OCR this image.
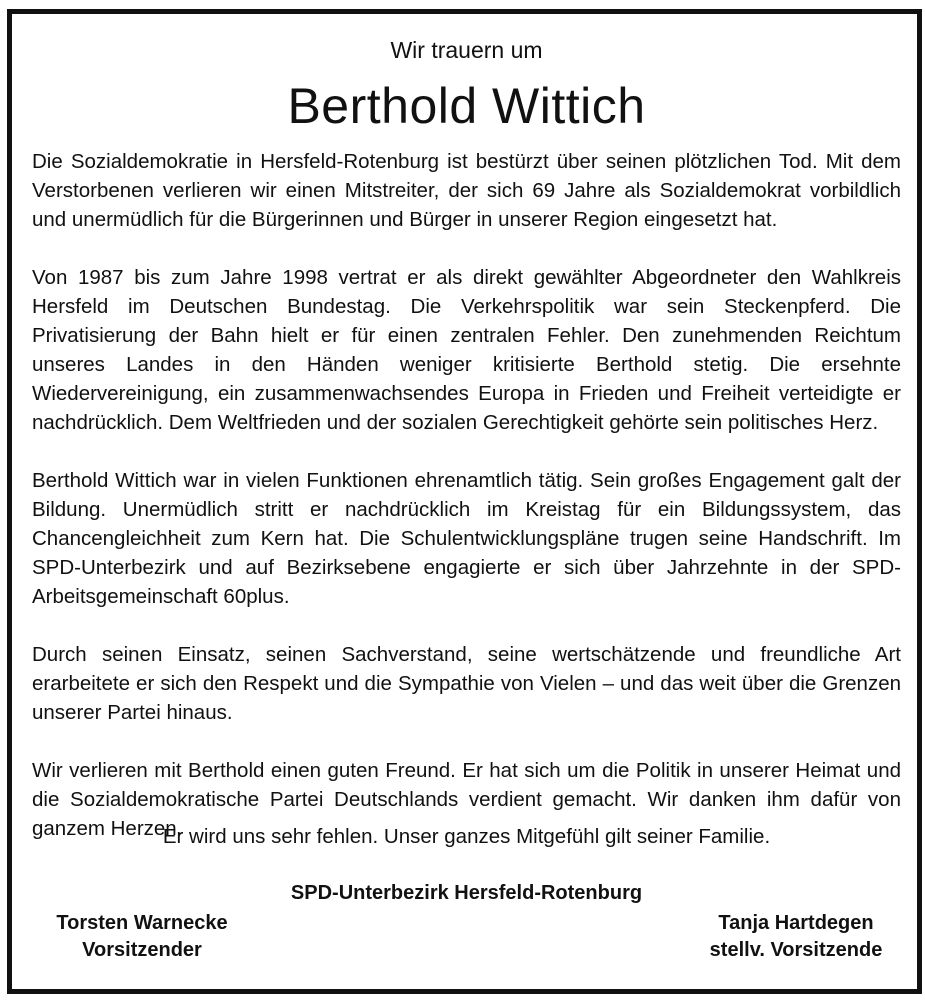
Wir trauern um
Berthold Wittich

Die Sozialdemokratie in Hersfeld-Rotenburg ist bestürzt über seinen plötzlichen Tod. Mit dem Verstorbenen verlieren wir einen Mitstreiter, der sich 69 Jahre als Sozialdemokrat vorbildlich und unermüdlich für die Bürgerinnen und Bürger in unserer Region eingesetzt hat.

Von 1987 bis zum Jahre 1998 vertrat er als direkt gewählter Abgeordneter den Wahlkreis Hersfeld im Deutschen Bundestag. Die Verkehrspolitik war sein Steckenpferd. Die Privatisierung der Bahn hielt er für einen zentralen Fehler. Den zunehmenden Reichtum unseres Landes in den Händen weniger kritisierte Berthold stetig. Die ersehnte Wiedervereinigung, ein zusammenwachsendes Europa in Frieden und Freiheit verteidigte er nachdrücklich. Dem Weltfrieden und der sozialen Gerechtigkeit gehörte sein politisches Herz.

Berthold Wittich war in vielen Funktionen ehrenamtlich tätig. Sein großes Engagement galt der Bildung. Unermüdlich stritt er nachdrücklich im Kreistag für ein Bildungssystem, das Chancengleichheit zum Kern hat. Die Schulentwicklungspläne trugen seine Handschrift. Im SPD-Unterbezirk und auf Bezirksebene engagierte er sich über Jahrzehnte in der SPD-Arbeitsgemeinschaft 60plus.

Durch seinen Einsatz, seinen Sachverstand, seine wertschätzende und freundliche Art erarbeitete er sich den Respekt und die Sympathie von Vielen – und das weit über die Grenzen unserer Partei hinaus.

Wir verlieren mit Berthold einen guten Freund. Er hat sich um die Politik in unserer Heimat und die Sozialdemokratische Partei Deutschlands verdient gemacht. Wir danken ihm dafür von ganzem Herzen.

Er wird uns sehr fehlen. Unser ganzes Mitgefühl gilt seiner Familie.
SPD-Unterbezirk Hersfeld-Rotenburg
Torsten Warnecke
Vorsitzender
Tanja Hartdegen
stellv. Vorsitzende
